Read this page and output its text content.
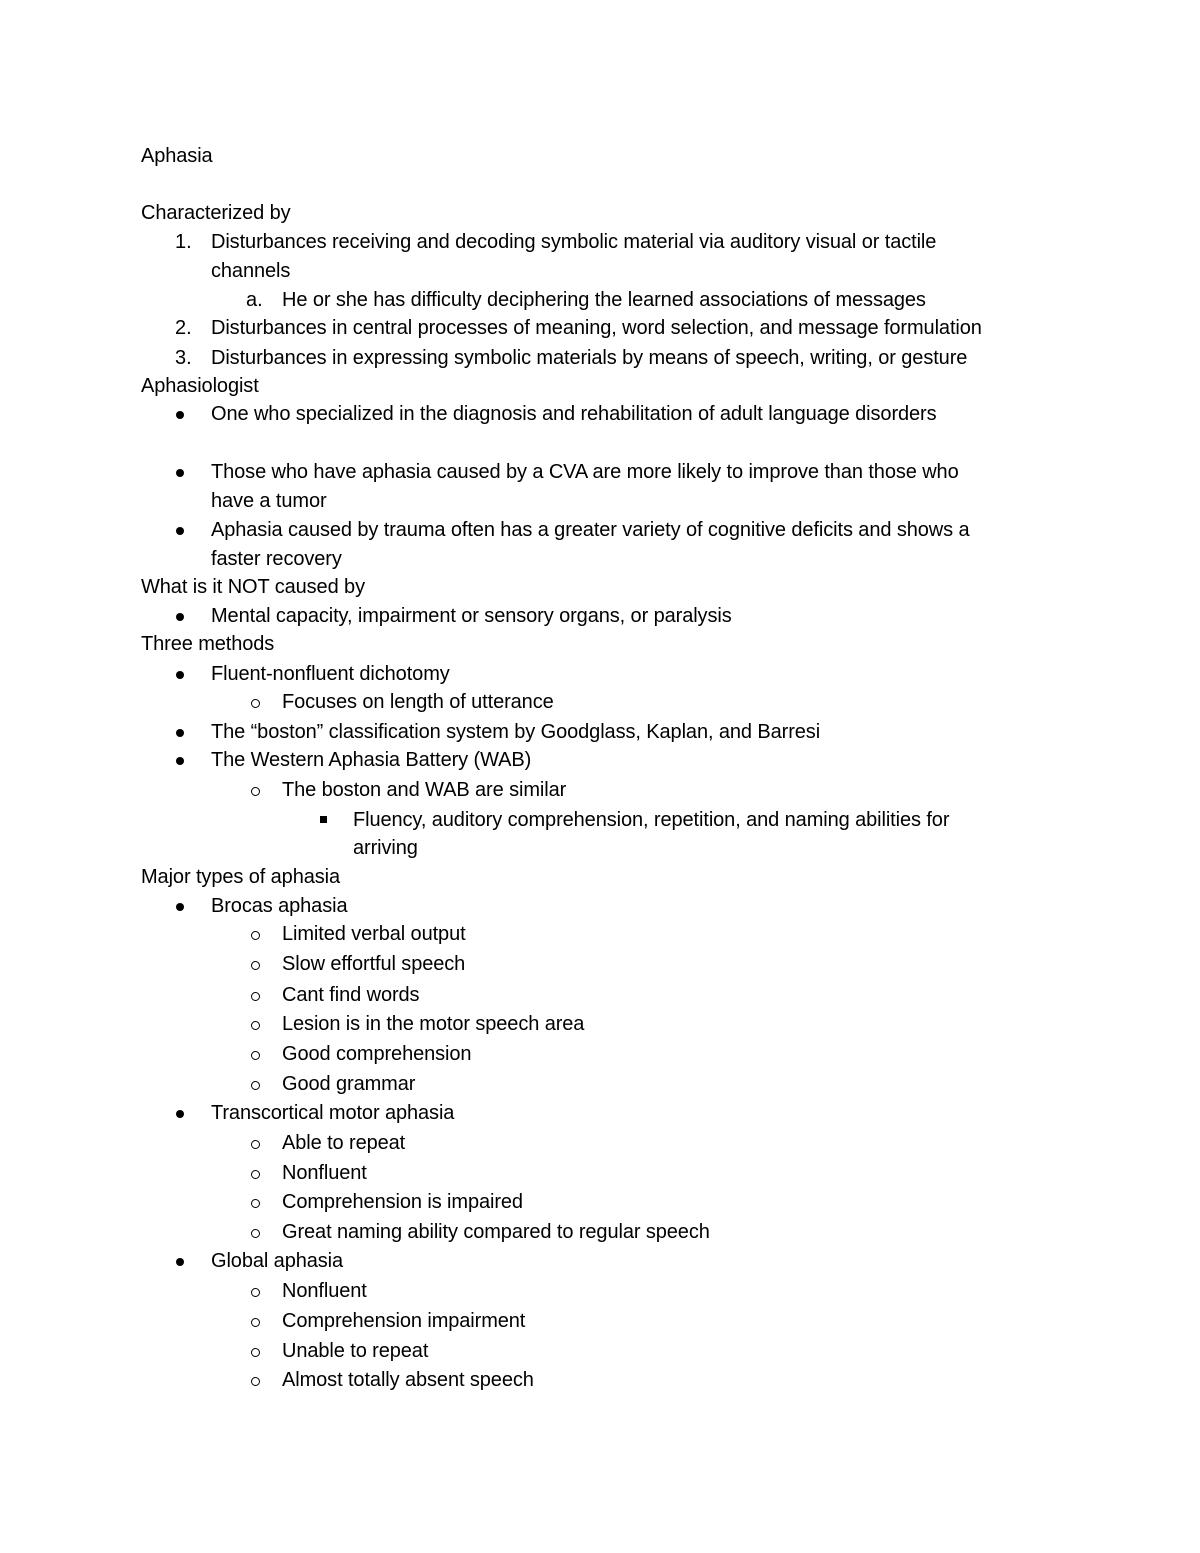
Aphasia
Characterized by
1. Disturbances receiving and decoding symbolic material via auditory visual or tactile
channels
a. He or she has difficulty deciphering the learned associations of messages
2. Disturbances in central processes of meaning, word selection, and message formulation
3. Disturbances in expressing symbolic materials by means of speech, writing, or gesture
Aphasiologist
One who specialized in the diagnosis and rehabilitation of adult language disorders
Those who have aphasia caused by a CVA are more likely to improve than those who
have a tumor
Aphasia caused by trauma often has a greater variety of cognitive deficits and shows a
faster recovery
What is it NOT caused by
Mental capacity, impairment or sensory organs, or paralysis
Three methods
Fluent-nonfluent dichotomy
Focuses on length of utterance
The “boston” classification system by Goodglass, Kaplan, and Barresi
The Western Aphasia Battery (WAB)
The boston and WAB are similar
Fluency, auditory comprehension, repetition, and naming abilities for
arriving
Major types of aphasia
Brocas aphasia
Limited verbal output
Slow effortful speech
Cant find words
Lesion is in the motor speech area
Good comprehension
Good grammar
Transcortical motor aphasia
Able to repeat
Nonfluent
Comprehension is impaired
Great naming ability compared to regular speech
Global aphasia
Nonfluent
Comprehension impairment
Unable to repeat
Almost totally absent speech
